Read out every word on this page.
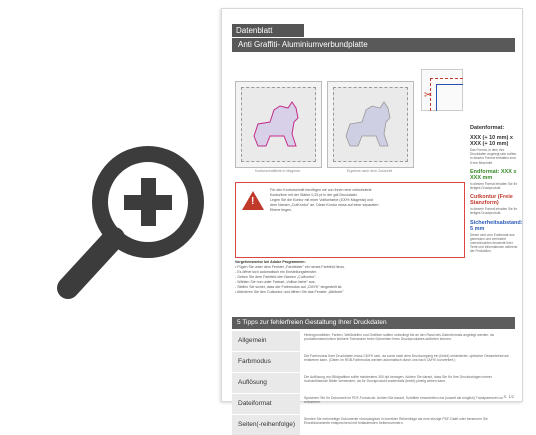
Datenblatt
Anti Graffiti- Aluminiumverbundplatte
Konturschnittlinie in Magenta	Ergebnis nach dem Zuschnitt
✂
Datenformat:
XXX (+ 10 mm) x XXX (+ 10 mm)
Das Format, in dem Ihre Druckdaten angelegt sein sollten. In diesem Format enthalten sind 5 mm Beschnitt.
Endformat: XXX x XXX mm
In diesem Format erhalten Sie Ihr fertiges Druckprodukt.
Cutkontur (Freie Stanzform)
In diesem Format erhalten Sie Ihr fertiges Druckprodukt.
Sicherheitsabstand: 5 mm
Dieser wird vom Endformat aus gemessen und verhindert unerwünschten Anschnitt Ihrer Texte und Informationen während der Produktion.
!
Für den Konturschnitt benötigen wir von Ihnen eine vektorisierte
Konturlinie mit der Stärke 0,25 pt in der gdf-Druckdatei.
Legen Sie die Kontur mit einer Volltonfarbe (100% Magenta) und
dem Namen „CutKontur" an. Diese Kontur muss auf einer separaten
Ebene liegen.
Vorgehensweise bei Adobe Programmen:
• Fügen Sie unter dem Fenster „Farbfelder" ein neues Farbfeld hinzu.
- Es öffnet sich automatisch ein Einstellungsfenster.
- Geben Sie dem Farbfeld den Namen „CutKontur".
- Wählen Sie nun unter Farbart „Vollton farbe" aus.
- Stellen Sie sicher, dass der Farbmodus auf „CMYK" eingestellt ist.
• Aktivieren Sie den Cutkontur und öffnen Sie das Fenster „Attribute".
5 Tipps zur fehlerfreien Gestaltung Ihrer Druckdaten
Allgemein
Hintergrundbilder, Farben, Weißstellen und Grafiken sollten unbedingt bis an den Rand des Datenformats angelegt werden, da produktionstechnisch kleinere Toleranzen beim Schneiden Ihres Druckproduktes auftreten können.
Farbmodus
Die Farbmodus Ihrer Druckdaten muss CMYK sein, da sonst nach dem Druckvorgang ein (leicht) veränderter, optischer Gesamteindruck entstehen kann. (Daten im RGB-Farbmodus werden automatisch durch uns nach CMYK konvertiert.)
Auflösung
Die Auflösung von Bildgrafiken sollte mindestens 300 dpi betragen. Achten Sie darauf, dass Sie für Ihre Druckvorlagen immer hochauflösende Bilder verwenden, da Ihr Druckprodukt andernfalls (leicht) pixelig wirken kann.
Dateiformat
Speichern Sie Ihr Dokument im PDF-Format ab. Achten Sie darauf, Schriften einzubetten und (soweit als möglich) Transparenzen zu reduzieren.
Seiten(-reihenfolge)
Senden Sie mehrseitige Dokumente chronologisch in korrekter Reihenfolge als eine einzige PDF-Datei oder benennen Sie Einzeldokumente entsprechend mit fortlaufenden Seitennummern.
S. 1/2
